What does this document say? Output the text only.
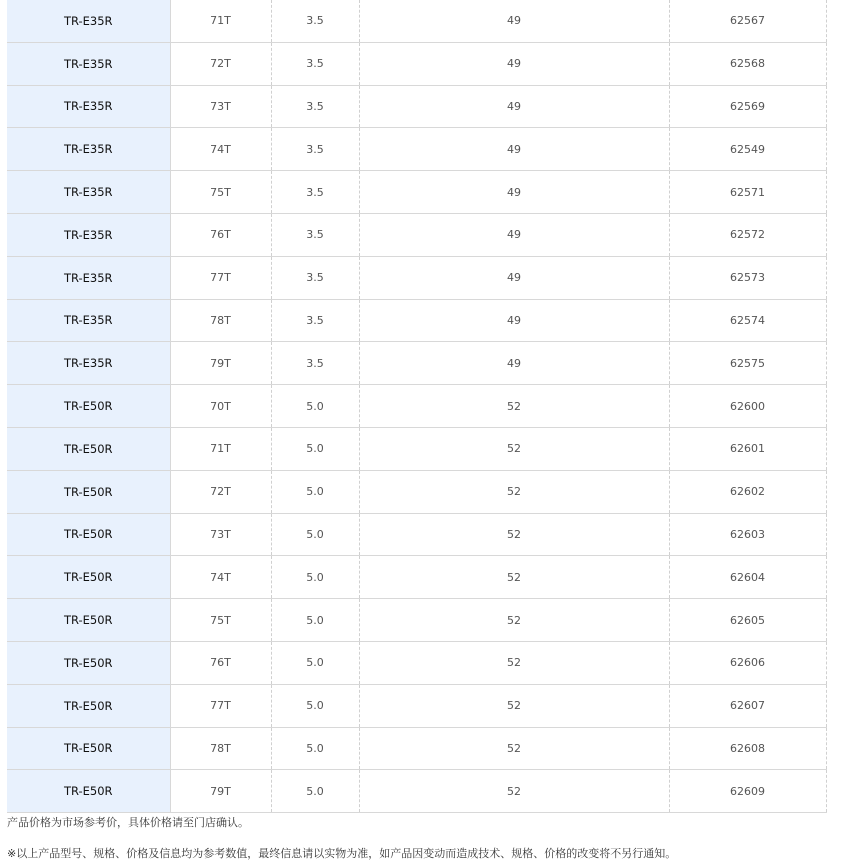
TR-E35R	71T	3.5	49	62567
TR-E35R	72T	3.5	49	62568
TR-E35R	73T	3.5	49	62569
TR-E35R	74T	3.5	49	62549
TR-E35R	75T	3.5	49	62571
TR-E35R	76T	3.5	49	62572
TR-E35R	77T	3.5	49	62573
TR-E35R	78T	3.5	49	62574
TR-E35R	79T	3.5	49	62575
TR-E50R	70T	5.0	52	62600
TR-E50R	71T	5.0	52	62601
TR-E50R	72T	5.0	52	62602
TR-E50R	73T	5.0	52	62603
TR-E50R	74T	5.0	52	62604
TR-E50R	75T	5.0	52	62605
TR-E50R	76T	5.0	52	62606
TR-E50R	77T	5.0	52	62607
TR-E50R	78T	5.0	52	62608
TR-E50R	79T	5.0	52	62609
产品价格为市场参考价，具体价格请至门店确认。
※以上产品型号、规格、价格及信息均为参考数值，最终信息请以实物为准，如产品因变动而造成技术、规格、价格的改变将不另行通知。
